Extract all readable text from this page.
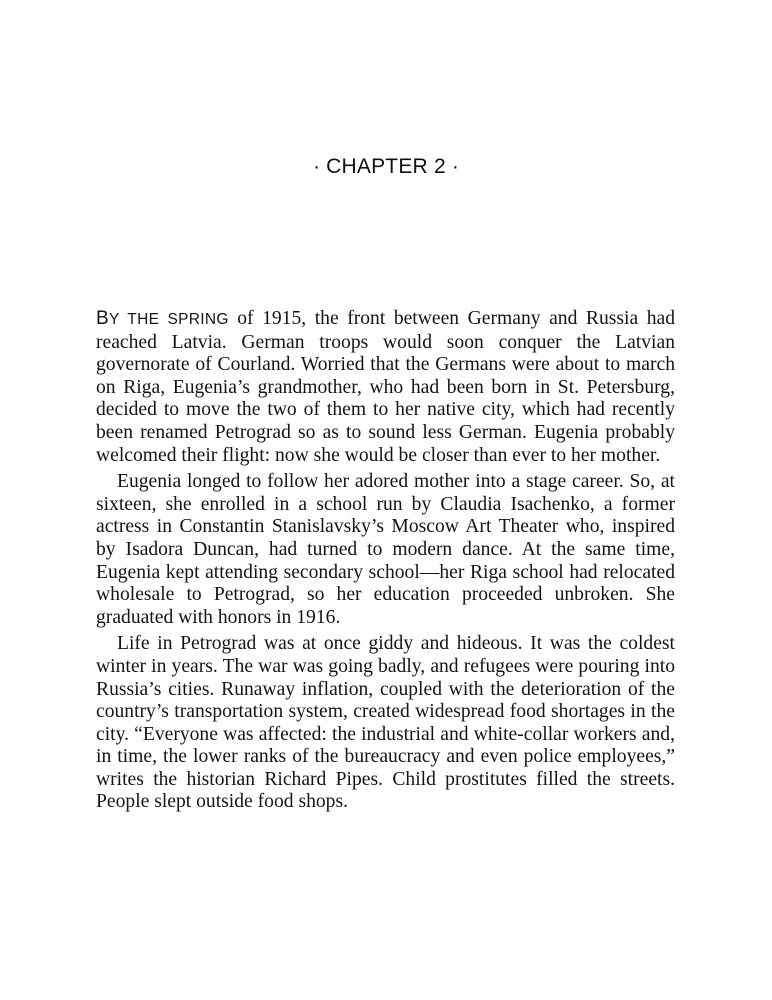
· CHAPTER 2 ·

BY THE SPRING of 1915, the front between Germany and Russia had reached Latvia. German troops would soon conquer the Latvian governorate of Courland. Worried that the Germans were about to march on Riga, Eugenia’s grandmother, who had been born in St. Petersburg, decided to move the two of them to her native city, which had recently been renamed Petrograd so as to sound less German. Eugenia probably welcomed their flight: now she would be closer than ever to her mother.

Eugenia longed to follow her adored mother into a stage career. So, at sixteen, she enrolled in a school run by Claudia Isachenko, a former actress in Constantin Stanislavsky’s Moscow Art Theater who, inspired by Isadora Duncan, had turned to modern dance. At the same time, Eugenia kept attending secondary school—her Riga school had relocated wholesale to Petrograd, so her education proceeded unbroken. She graduated with honors in 1916.

Life in Petrograd was at once giddy and hideous. It was the coldest winter in years. The war was going badly, and refugees were pouring into Russia’s cities. Runaway inflation, coupled with the deterioration of the country’s transportation system, created widespread food shortages in the city. “Everyone was affected: the industrial and white-collar workers and, in time, the lower ranks of the bureaucracy and even police employees,” writes the historian Richard Pipes. Child prostitutes filled the streets. People slept outside food shops.
